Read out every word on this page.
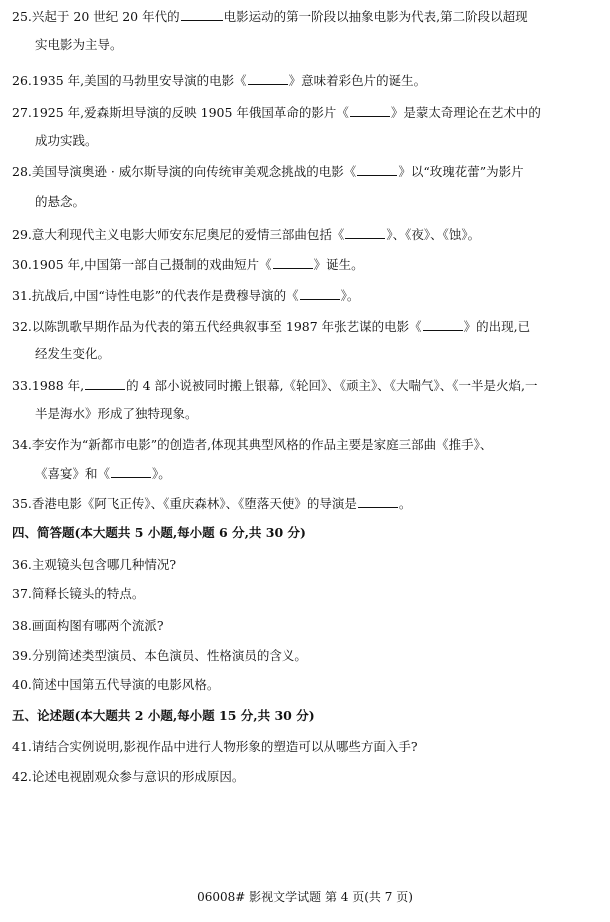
25.兴起于 20 世纪 20 年代的	电影运动的第一阶段以抽象电影为代表,第二阶段以超现
实电影为主导。
26.1935 年,美国的马勃里安导演的电影《	》意味着彩色片的诞生。
27.1925 年,爱森斯坦导演的反映 1905 年俄国革命的影片《	》是蒙太奇理论在艺术中的
成功实践。
28.美国导演奥逊 · 威尔斯导演的向传统审美观念挑战的电影《	》以“玫瑰花蕾”为影片
的悬念。
29.意大利现代主义电影大师安东尼奥尼的爱情三部曲包括《	》、《夜》、《蚀》。
30.1905 年,中国第一部自己摄制的戏曲短片《	》诞生。
31.抗战后,中国“诗性电影”的代表作是费穆导演的《	》。
32.以陈凯歌早期作品为代表的第五代经典叙事至 1987 年张艺谋的电影《	》的出现,已
经发生变化。
33.1988 年,	的 4 部小说被同时搬上银幕,《轮回》、《顽主》、《大喘气》、《一半是火焰,一
半是海水》形成了独特现象。
34.李安作为“新都市电影”的创造者,体现其典型风格的作品主要是家庭三部曲《推手》、
《喜宴》和《	》。
35.香港电影《阿飞正传》、《重庆森林》、《堕落天使》的导演是	。
四、简答题(本大题共 5 小题,每小题 6 分,共 30 分)
36.主观镜头包含哪几种情况?
37.简释长镜头的特点。
38.画面构图有哪两个流派?
39.分别简述类型演员、本色演员、性格演员的含义。
40.简述中国第五代导演的电影风格。
五、论述题(本大题共 2 小题,每小题 15 分,共 30 分)
41.请结合实例说明,影视作品中进行人物形象的塑造可以从哪些方面入手?
42.论述电视剧观众参与意识的形成原因。
06008# 影视文学试题 第 4 页(共 7 页)
